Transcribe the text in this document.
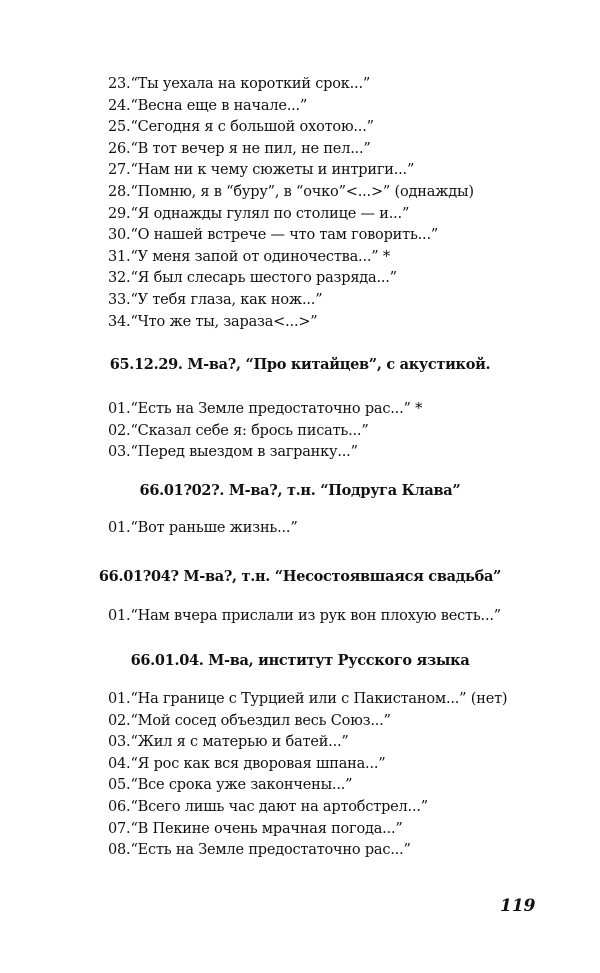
23.“Ты уехала на короткий срок...”
24.“Весна еще в начале...”
25.“Сегодня я с большой охотою...”
26.“В тот вечер я не пил, не пел...”
27.“Нам ни к чему сюжеты и интриги...”
28.“Помню, я в “буру”, в “очко”<...>” (однажды)
29.“Я однажды гулял по столице — и...”
30.“О нашей встрече — что там говорить...”
31.“У меня запой от одиночества...” *
32.“Я был слесарь шестого разряда...”
33.“У тебя глаза, как нож...”
34.“Что же ты, зараза<...>”
65.12.29. М-ва?, “Про китайцев”, с акустикой.
01.“Есть на Земле предостаточно рас...” *
02.“Сказал себе я: брось писать...”
03.“Перед выездом в загранку...”
66.01?02?. М-ва?, т.н. “Подруга Клава”
01.“Вот раньше жизнь...”
66.01?04? М-ва?, т.н. “Несостоявшаяся свадьба”
01.“Нам вчера прислали из рук вон плохую весть...”
66.01.04. М-ва, институт Русского языка
01.“На границе с Турцией или с Пакистаном...” (нет)
02.“Мой сосед объездил весь Союз...”
03.“Жил я с матерью и батей...”
04.“Я рос как вся дворовая шпана...”
05.“Все срока уже закончены...”
06.“Всего лишь час дают на артобстрел...”
07.“В Пекине очень мрачная погода...”
08.“Есть на Земле предостаточно рас...”
119
